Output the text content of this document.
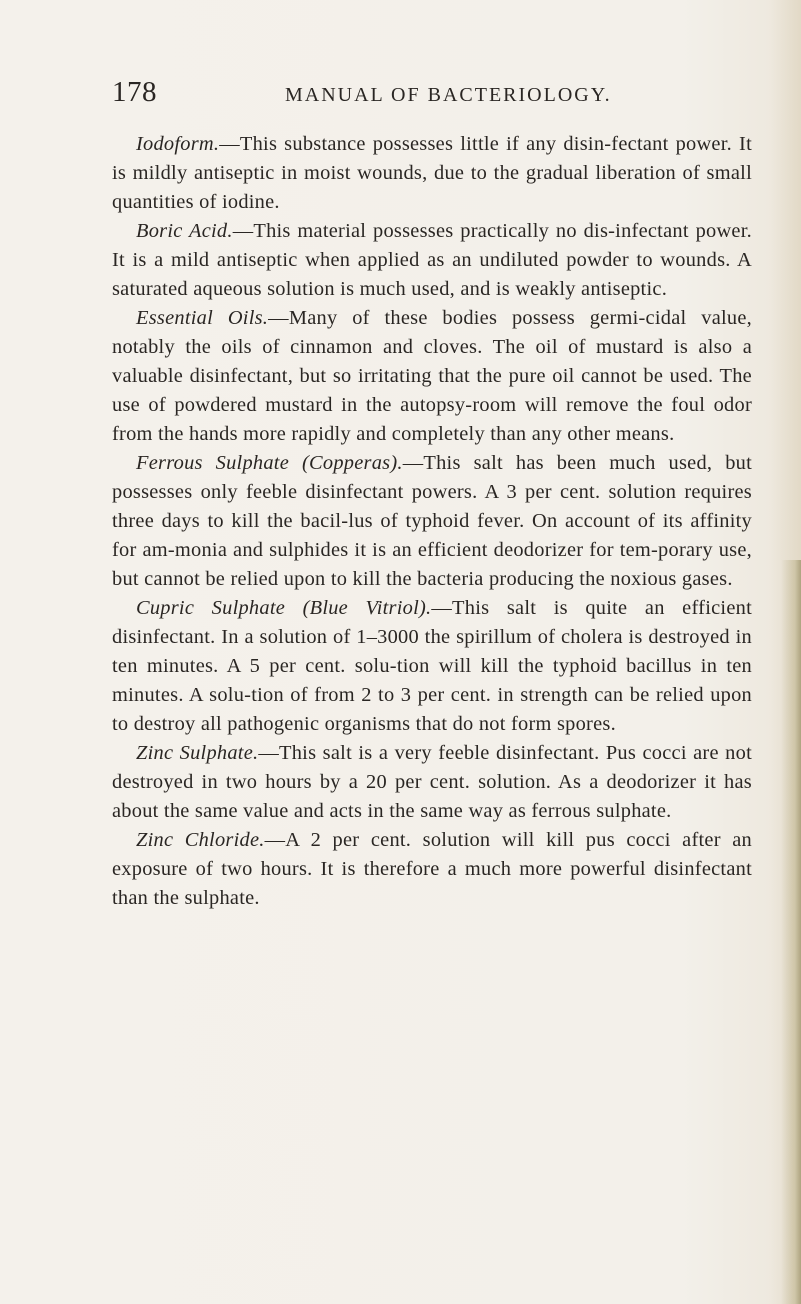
178	MANUAL OF BACTERIOLOGY.

Iodoform.—This substance possesses little if any disin-fectant power. It is mildly antiseptic in moist wounds, due to the gradual liberation of small quantities of iodine.

Boric Acid.—This material possesses practically no dis-infectant power. It is a mild antiseptic when applied as an undiluted powder to wounds. A saturated aqueous solution is much used, and is weakly antiseptic.

Essential Oils.—Many of these bodies possess germi-cidal value, notably the oils of cinnamon and cloves. The oil of mustard is also a valuable disinfectant, but so irritating that the pure oil cannot be used. The use of powdered mustard in the autopsy-room will remove the foul odor from the hands more rapidly and completely than any other means.

Ferrous Sulphate (Copperas).—This salt has been much used, but possesses only feeble disinfectant powers. A 3 per cent. solution requires three days to kill the bacil-lus of typhoid fever. On account of its affinity for am-monia and sulphides it is an efficient deodorizer for tem-porary use, but cannot be relied upon to kill the bacteria producing the noxious gases.

Cupric Sulphate (Blue Vitriol).—This salt is quite an efficient disinfectant. In a solution of 1–3000 the spirillum of cholera is destroyed in ten minutes. A 5 per cent. solu-tion will kill the typhoid bacillus in ten minutes. A solu-tion of from 2 to 3 per cent. in strength can be relied upon to destroy all pathogenic organisms that do not form spores.

Zinc Sulphate.—This salt is a very feeble disinfectant. Pus cocci are not destroyed in two hours by a 20 per cent. solution. As a deodorizer it has about the same value and acts in the same way as ferrous sulphate.

Zinc Chloride.—A 2 per cent. solution will kill pus cocci after an exposure of two hours. It is therefore a much more powerful disinfectant than the sulphate.
